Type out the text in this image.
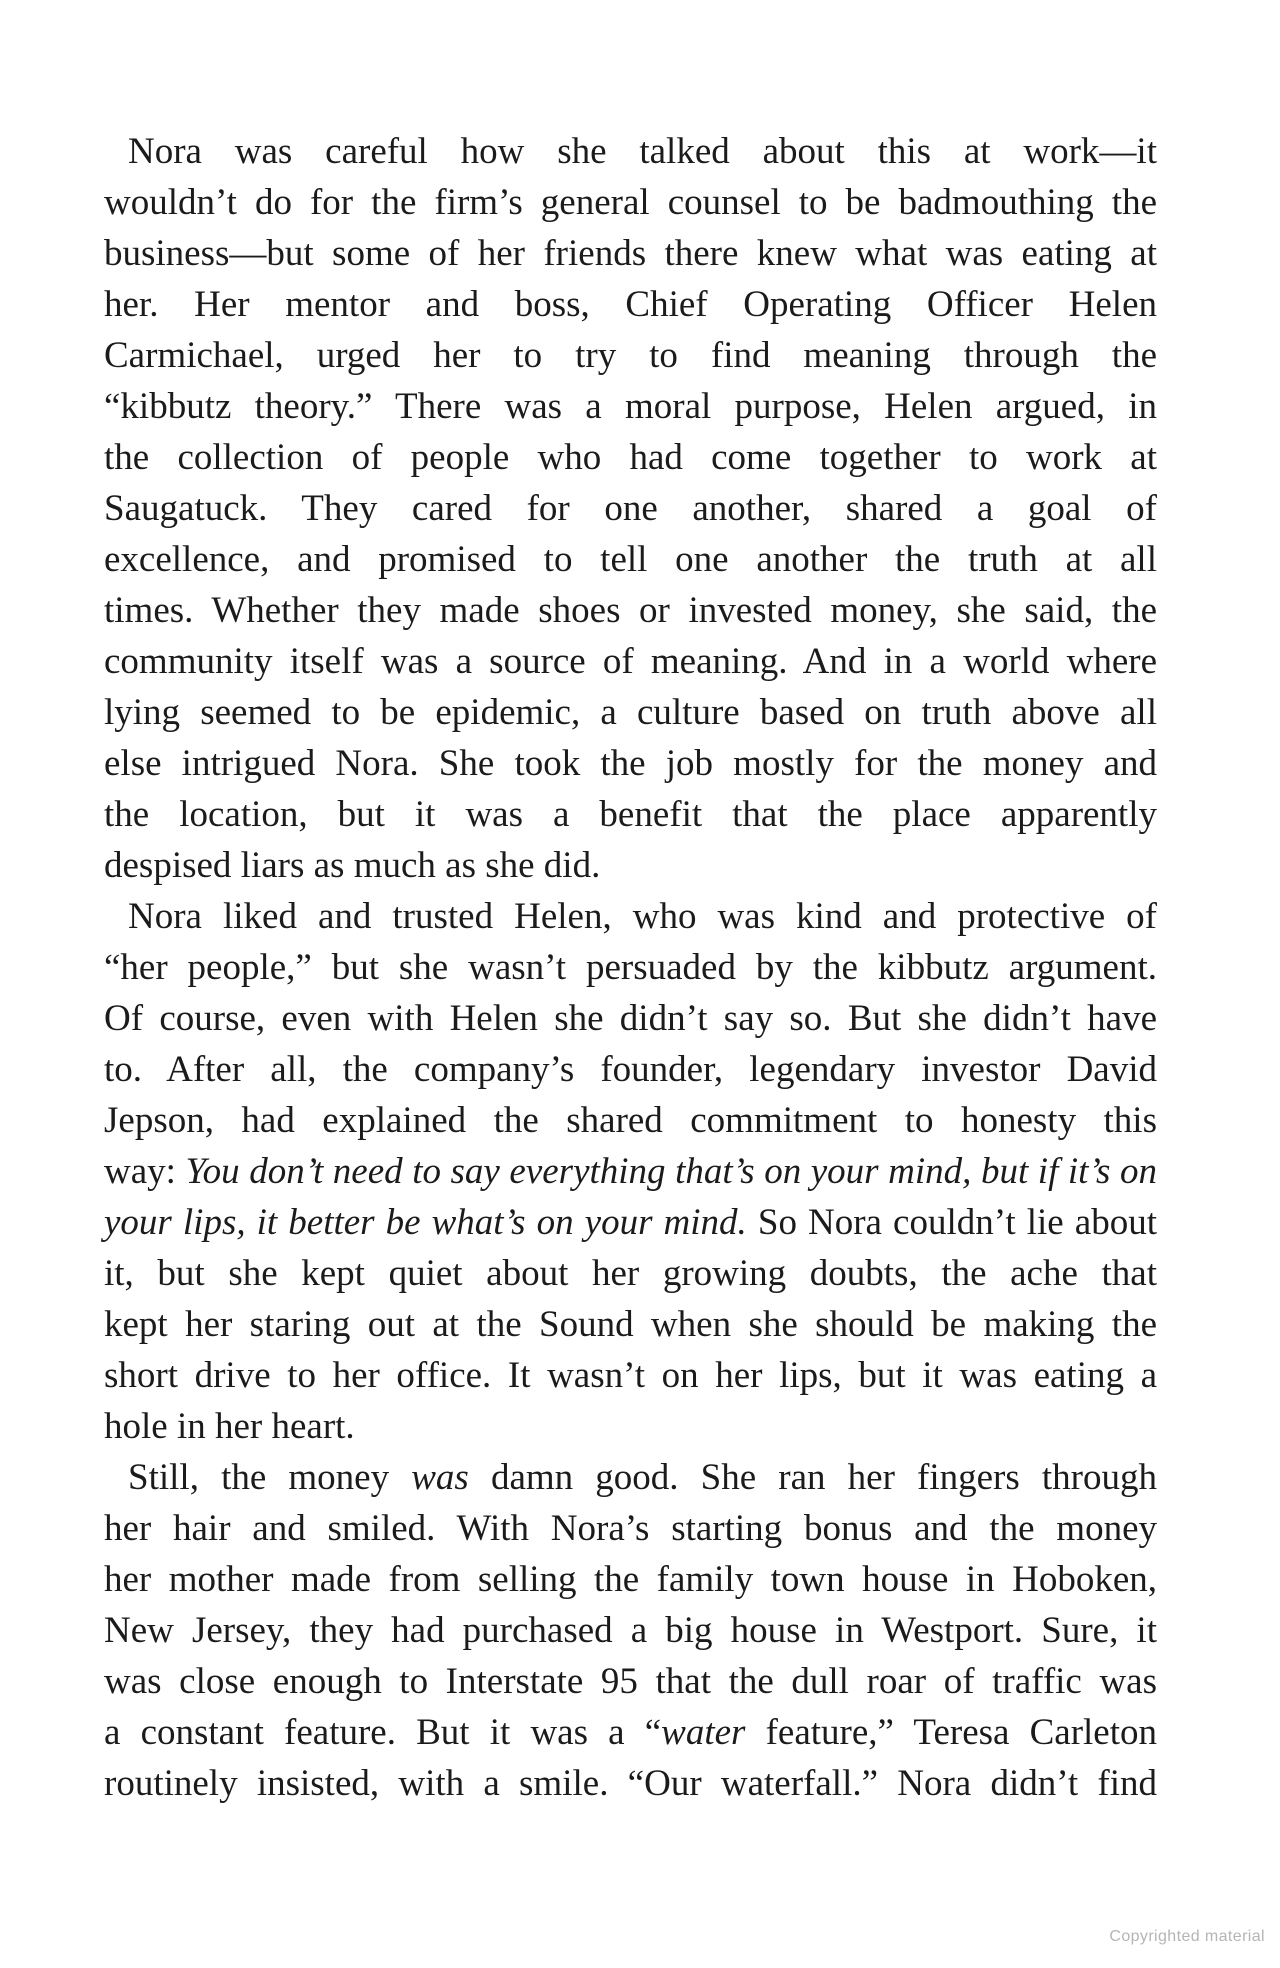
Nora was careful how she talked about this at work—it
wouldn’t do for the firm’s general counsel to be badmouthing the
business—but some of her friends there knew what was eating at
her. Her mentor and boss, Chief Operating Officer Helen
Carmichael, urged her to try to find meaning through the
“kibbutz theory.” There was a moral purpose, Helen argued, in
the collection of people who had come together to work at
Saugatuck. They cared for one another, shared a goal of
excellence, and promised to tell one another the truth at all
times. Whether they made shoes or invested money, she said, the
community itself was a source of meaning. And in a world where
lying seemed to be epidemic, a culture based on truth above all
else intrigued Nora. She took the job mostly for the money and
the location, but it was a benefit that the place apparently
despised liars as much as she did.
Nora liked and trusted Helen, who was kind and protective of
“her people,” but she wasn’t persuaded by the kibbutz argument.
Of course, even with Helen she didn’t say so. But she didn’t have
to. After all, the company’s founder, legendary investor David
Jepson, had explained the shared commitment to honesty this
way: You don’t need to say everything that’s on your mind, but if it’s on
your lips, it better be what’s on your mind. So Nora couldn’t lie about
it, but she kept quiet about her growing doubts, the ache that
kept her staring out at the Sound when she should be making the
short drive to her office. It wasn’t on her lips, but it was eating a
hole in her heart.
Still, the money was damn good. She ran her fingers through
her hair and smiled. With Nora’s starting bonus and the money
her mother made from selling the family town house in Hoboken,
New Jersey, they had purchased a big house in Westport. Sure, it
was close enough to Interstate 95 that the dull roar of traffic was
a constant feature. But it was a “water feature,” Teresa Carleton
routinely insisted, with a smile. “Our waterfall.” Nora didn’t find
Copyrighted material
